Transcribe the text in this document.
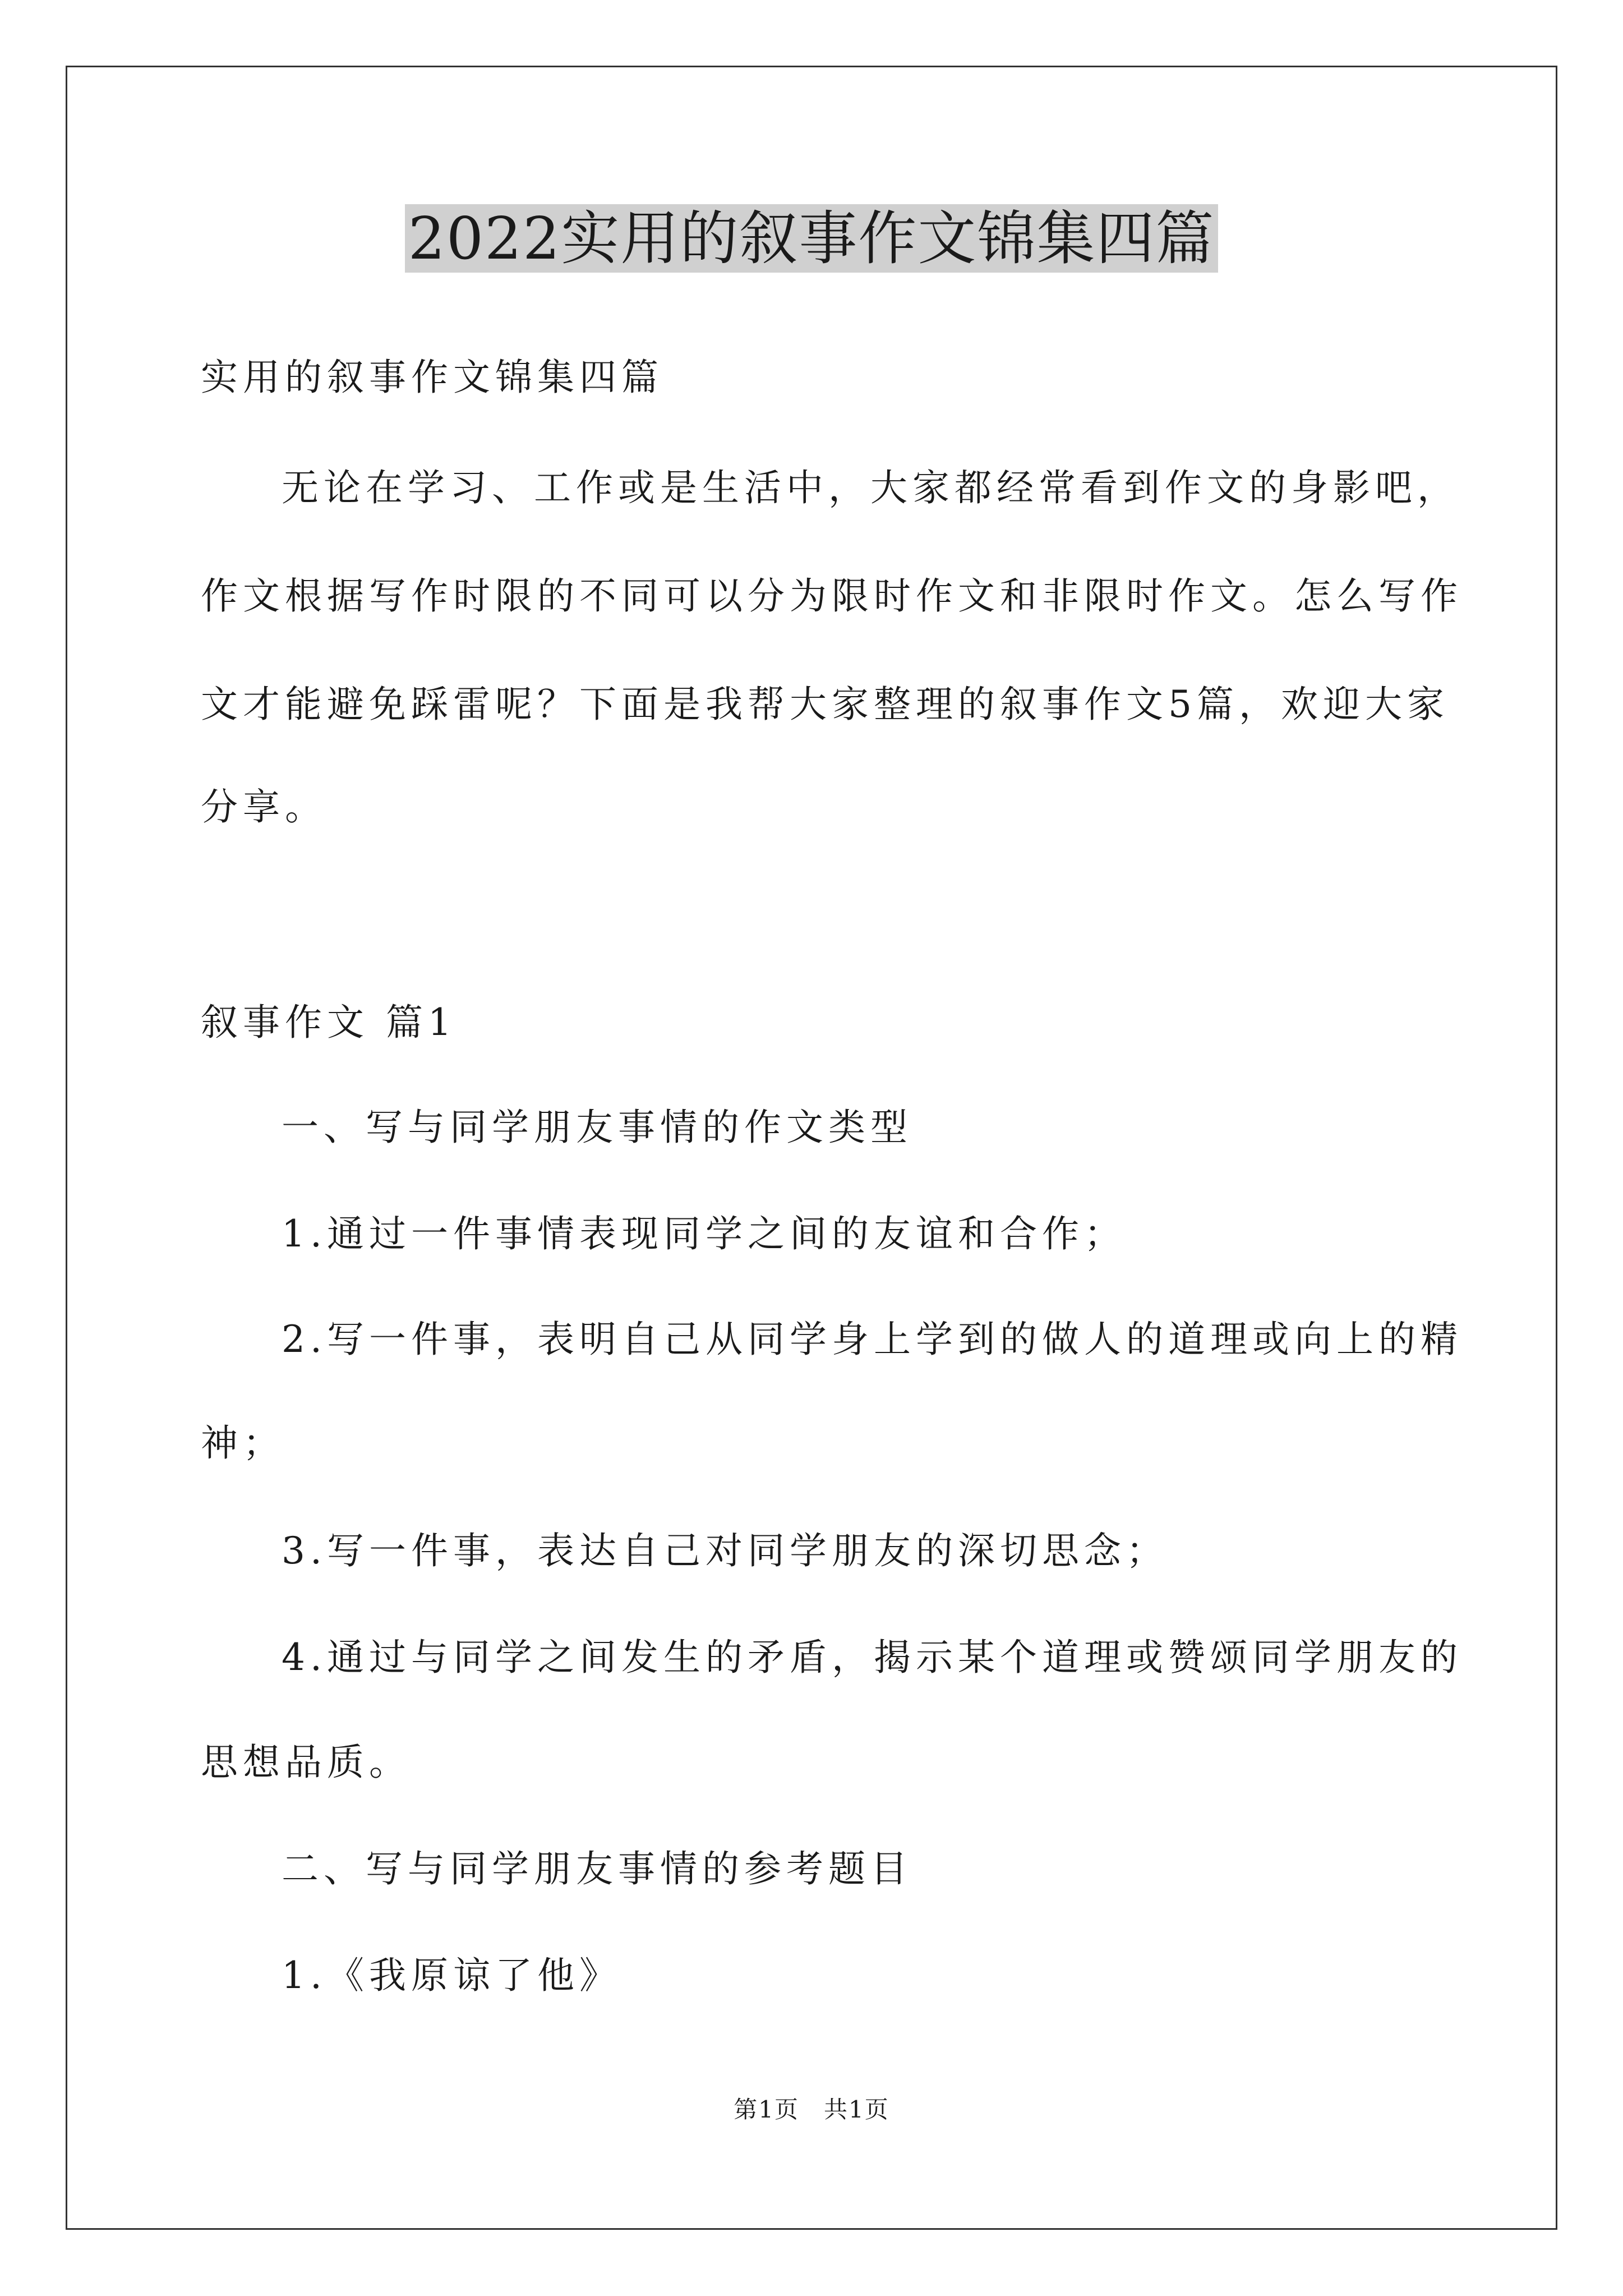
2022实用的叙事作文锦集四篇
实用的叙事作文锦集四篇
无论在学习、工作或是生活中，大家都经常看到作文的身影吧，
作文根据写作时限的不同可以分为限时作文和非限时作文。怎么写作
文才能避免踩雷呢？下面是我帮大家整理的叙事作文5篇，欢迎大家
分享。
叙事作文 篇1
一、写与同学朋友事情的作文类型
1.通过一件事情表现同学之间的友谊和合作；
2.写一件事，表明自己从同学身上学到的做人的道理或向上的精
神；
3.写一件事，表达自己对同学朋友的深切思念；
4.通过与同学之间发生的矛盾，揭示某个道理或赞颂同学朋友的
思想品质。
二、写与同学朋友事情的参考题目
1.《我原谅了他》
第1页　共1页
